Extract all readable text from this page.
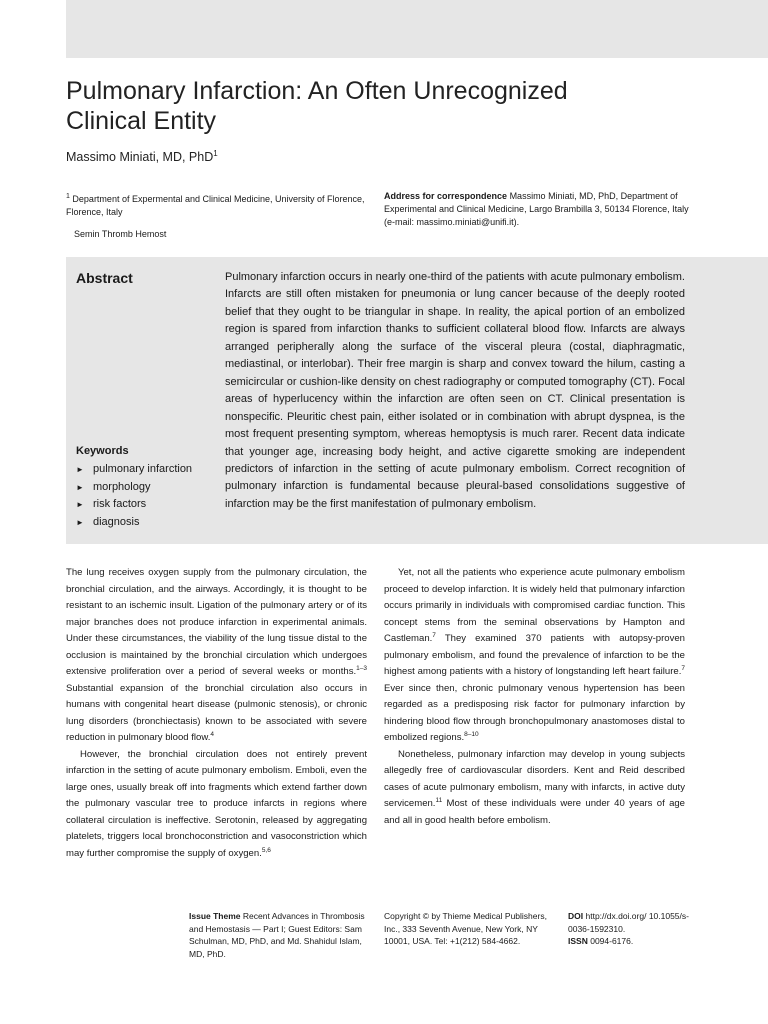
Pulmonary Infarction: An Often Unrecognized
Clinical Entity
Massimo Miniati, MD, PhD$^1$
$^1$ Department of Expermental and Clinical Medicine, University of Florence, Florence, Italy
Semin Thromb Hemost
Address for correspondence Massimo Miniati, MD, PhD, Department of Experimental and Clinical Medicine, Largo Brambilla 3, 50134 Florence, Italy (e-mail: massimo.miniati@unifi.it).
Abstract	Pulmonary infarction occurs in nearly one-third of the patients with acute pulmonary embolism. Infarcts are still often mistaken for pneumonia or lung cancer because of the deeply rooted belief that they ought to be triangular in shape. In reality, the apical portion of an embolized region is spared from infarction thanks to sufficient collateral blood flow. Infarcts are always arranged peripherally along the surface of the visceral pleura (costal, diaphragmatic, mediastinal, or interlobar). Their free margin is sharp and convex toward the hilum, casting a semicircular or cushion-like density on chest radiography or computed tomography (CT). Focal areas of hyperlucency within the infarction are often seen on CT. Clinical presentation is nonspecific. Pleuritic chest pain, either isolated or in combination with abrupt dyspnea, is the most frequent presenting symptom, whereas hemoptysis is much rarer. Recent data indicate that younger age, increasing body height, and active cigarette smoking are independent predictors of infarction in the setting of acute pulmonary embolism. Correct recognition of pulmonary infarction is fundamental because pleural-based consolidations suggestive of infarction may be the first manifestation of pulmonary embolism.

Keywords
► pulmonary infarction
► morphology
► risk factors
► diagnosis

The lung receives oxygen supply from the pulmonary circulation, the bronchial circulation, and the airways. Accordingly, it is thought to be resistant to an ischemic insult. Ligation of the pulmonary artery or of its major branches does not produce infarction in experimental animals. Under these circumstances, the viability of the lung tissue distal to the occlusion is maintained by the bronchial circulation which undergoes extensive proliferation over a period of several weeks or months.$^{1-3}$ Substantial expansion of the bronchial circulation also occurs in humans with congenital heart disease (pulmonic stenosis), or chronic lung disorders (bronchiectasis) known to be associated with severe reduction in pulmonary blood flow.$^4$

However, the bronchial circulation does not entirely prevent infarction in the setting of acute pulmonary embolism. Emboli, even the large ones, usually break off into fragments which extend farther down the pulmonary vascular tree to produce infarcts in regions where collateral circulation is ineffective. Serotonin, released by aggregating platelets, triggers local bronchoconstriction and vasoconstriction which may further compromise the supply of oxygen.$^{5,6}$

Yet, not all the patients who experience acute pulmonary embolism proceed to develop infarction. It is widely held that pulmonary infarction occurs primarily in individuals with compromised cardiac function. This concept stems from the seminal observations by Hampton and Castleman.$^7$ They examined 370 patients with autopsy-proven pulmonary embolism, and found the prevalence of infarction to be the highest among patients with a history of longstanding left heart failure.$^7$ Ever since then, chronic pulmonary venous hypertension has been regarded as a predisposing risk factor for pulmonary infarction by hindering blood flow through bronchopulmonary anastomoses distal to embolized regions.$^{8-10}$

Nonetheless, pulmonary infarction may develop in young subjects allegedly free of cardiovascular disorders. Kent and Reid described cases of acute pulmonary embolism, many with infarcts, in active duty servicemen.$^{11}$ Most of these individuals were under 40 years of age and all in good health before embolism.

Issue Theme Recent Advances in Thrombosis and Hemostasis — Part I; Guest Editors: Sam Schulman, MD, PhD, and Md. Shahidul Islam, MD, PhD.
Copyright © by Thieme Medical Publishers, Inc., 333 Seventh Avenue, New York, NY 10001, USA. Tel: +1(212) 584-4662.
DOI http://dx.doi.org/ 10.1055/s-0036-1592310.
ISSN 0094-6176.
